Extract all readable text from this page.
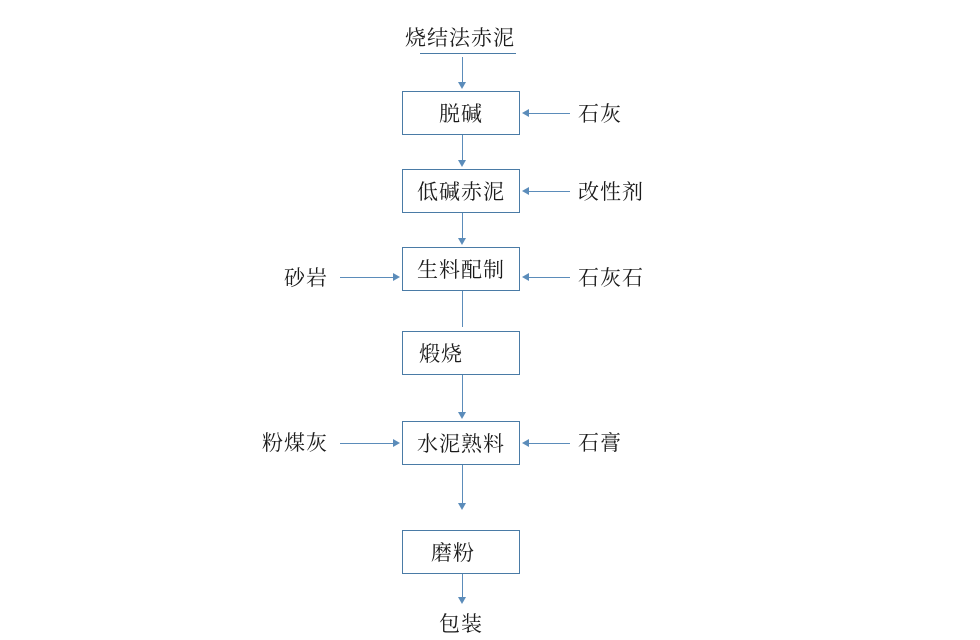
烧结法赤泥
脱碱	石灰
低碱赤泥	改性剂
生料配制
砂岩	石灰石
煅烧
水泥熟料
粉煤灰	石膏
磨粉
包装
